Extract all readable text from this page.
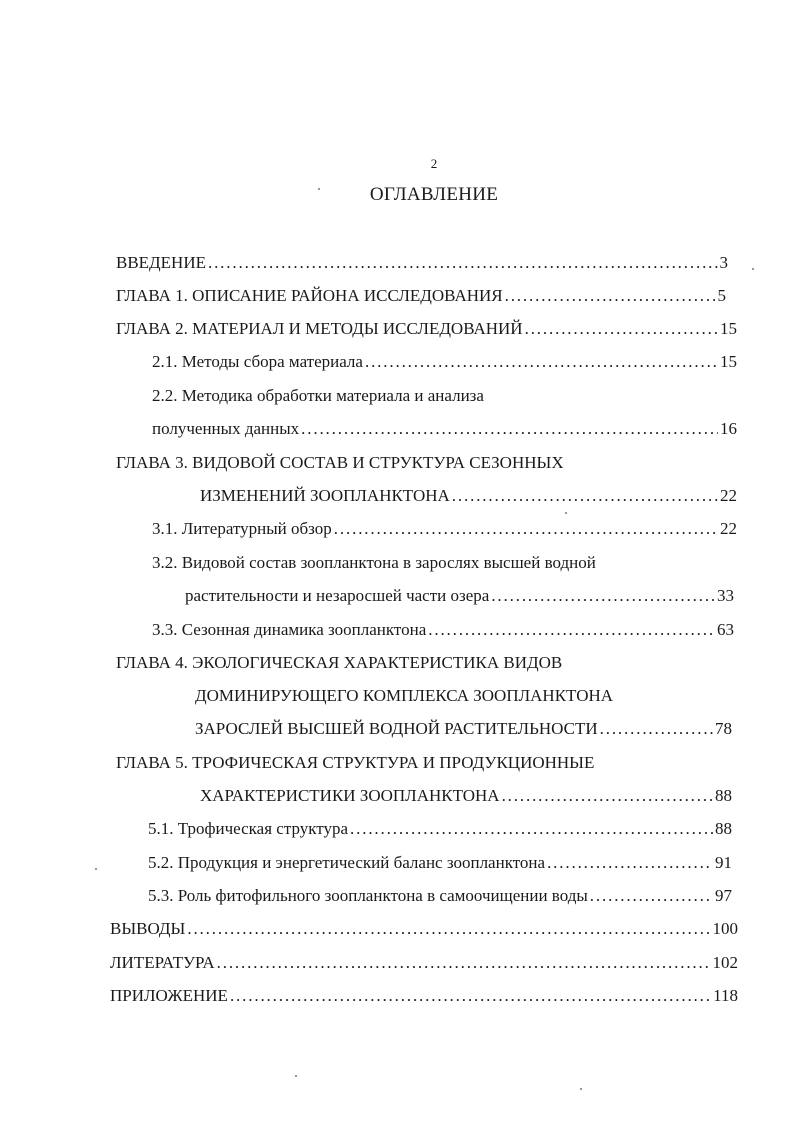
2
ОГЛАВЛЕНИЕ
ВВЕДЕНИЕ . . .	3
ГЛАВА 1. ОПИСАНИЕ РАЙОНА ИССЛЕДОВАНИЯ . . .	5
ГЛАВА 2. МАТЕРИАЛ И МЕТОДЫ ИССЛЕДОВАНИЙ . . .	15
2.1. Методы сбора материала . . .	15
2.2. Методика обработки материала и анализа
полученных данных . . .	16
ГЛАВА 3. ВИДОВОЙ СОСТАВ И СТРУКТУРА СЕЗОННЫХ
ИЗМЕНЕНИЙ ЗООПЛАНКТОНА . . .	22
3.1. Литературный обзор . . .	22
3.2. Видовой состав зоопланктона в зарослях высшей водной
растительности и незаросшей части озера . . .	33
3.3. Сезонная динамика зоопланктона . . .	63
ГЛАВА 4. ЭКОЛОГИЧЕСКАЯ ХАРАКТЕРИСТИКА ВИДОВ
ДОМИНИРУЮЩЕГО КОМПЛЕКСА ЗООПЛАНКТОНА
ЗАРОСЛЕЙ ВЫСШЕЙ ВОДНОЙ РАСТИТЕЛЬНОСТИ . . .	78
ГЛАВА 5. ТРОФИЧЕСКАЯ СТРУКТУРА И ПРОДУКЦИОННЫЕ
ХАРАКТЕРИСТИКИ ЗООПЛАНКТОНА . . .	88
5.1. Трофическая структура . . .	88
5.2. Продукция и энергетический баланс зоопланктона . . .	91
5.3. Роль фитофильного зоопланктона в самоочищении воды . . .	97
ВЫВОДЫ . . .	100
ЛИТЕРАТУРА . . .	102
ПРИЛОЖЕНИЕ . . .	118
